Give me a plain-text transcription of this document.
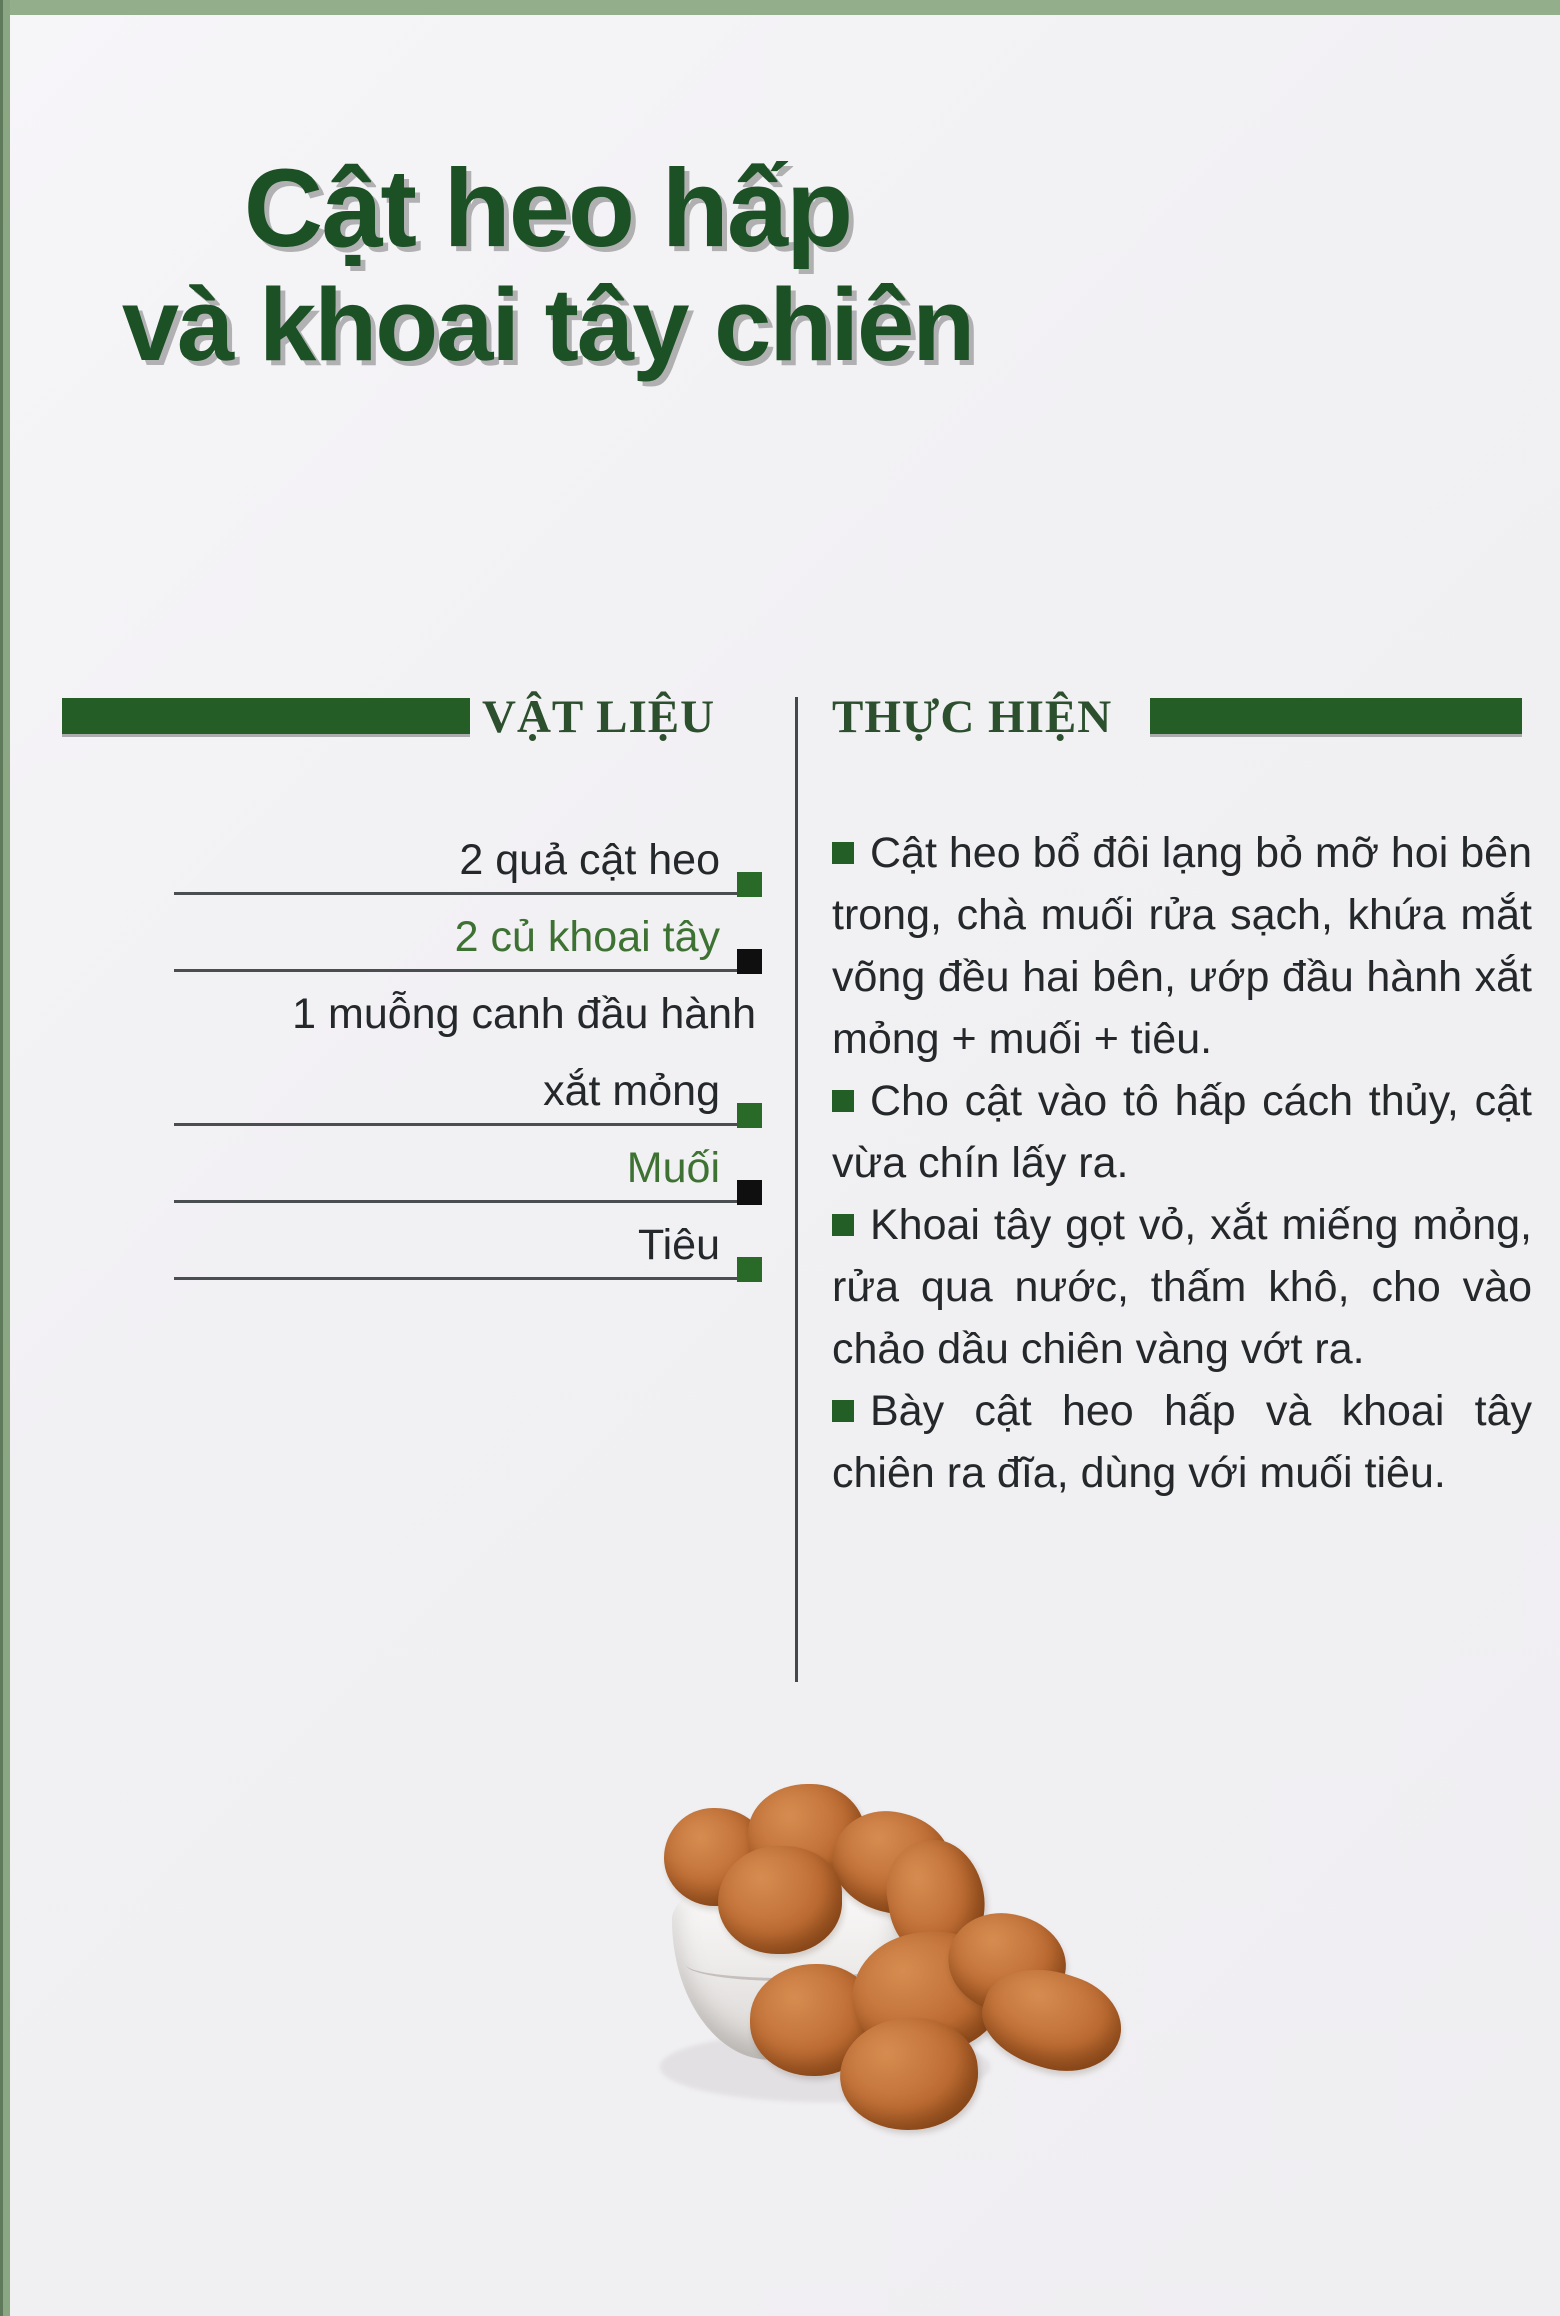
Cật heo hấp
và khoai tây chiên
VẬT LIỆU THỰC HIỆN
2 quả cật heo
2 củ khoai tây
1 muỗng canh đầu hành
xắt mỏng
Muối
Tiêu

Cật heo bổ đôi lạng bỏ mỡ hoi bên trong, chà muối rửa sạch, khứa mắt võng đều hai bên, ướp đầu hành xắt mỏng + muối + tiêu.

Cho cật vào tô hấp cách thủy, cật vừa chín lấy ra.

Khoai tây gọt vỏ, xắt miếng mỏng, rửa qua nước, thấm khô, cho vào chảo dầu chiên vàng vớt ra.

Bày cật heo hấp và khoai tây chiên ra đĩa, dùng với muối tiêu.
